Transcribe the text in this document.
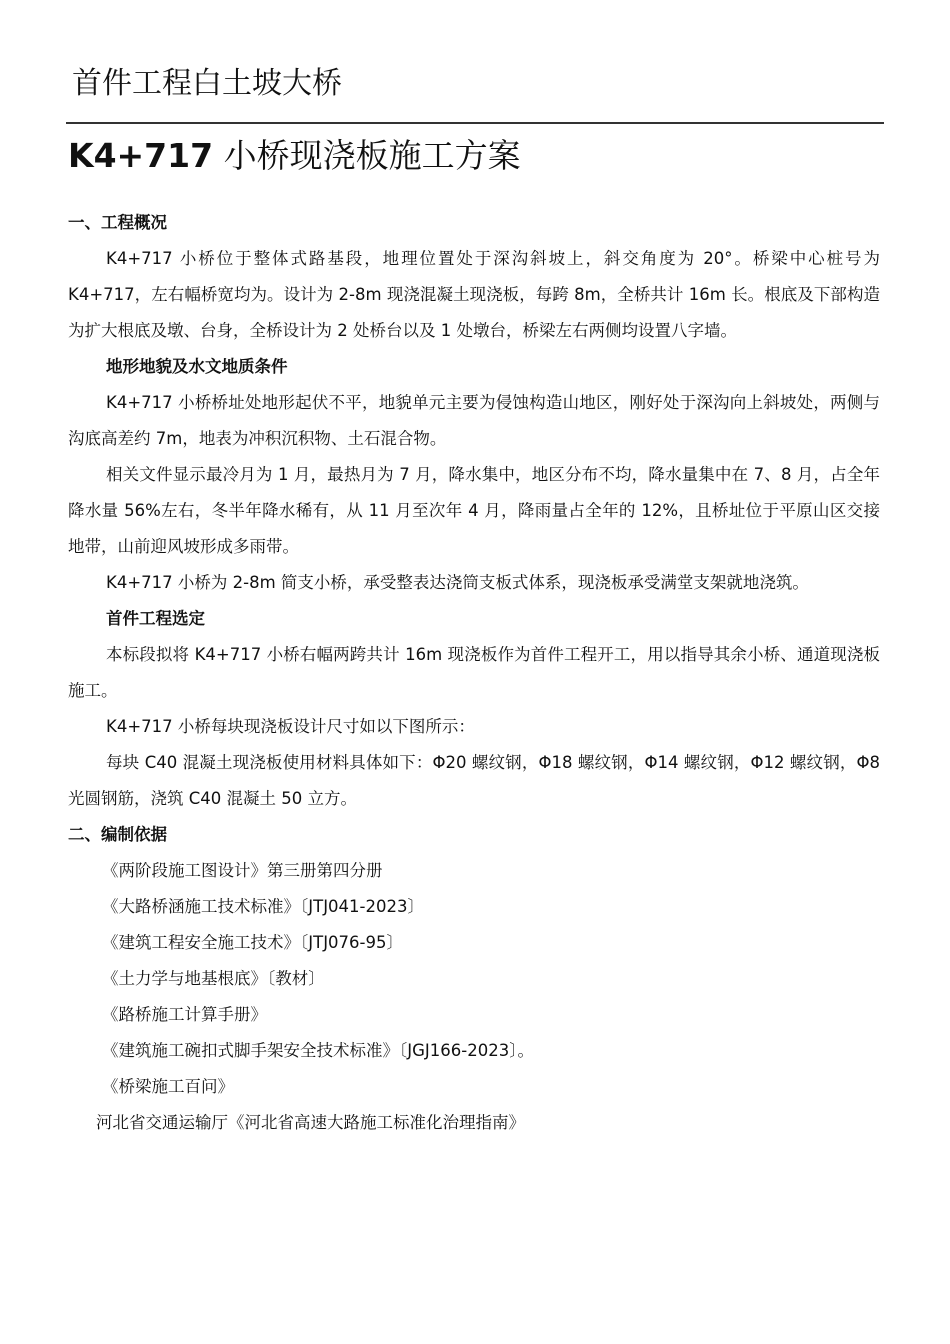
首件工程白土坡大桥
K4+717 小桥现浇板施工方案

一、工程概况

K4+717 小桥位于整体式路基段，地理位置处于深沟斜坡上，斜交角度为 20°。桥梁中心桩号为 K4+717，左右幅桥宽均为。设计为 2-8m 现浇混凝土现浇板，每跨 8m，全桥共计 16m 长。根底及下部构造为扩大根底及墩、台身，全桥设计为 2 处桥台以及 1 处墩台，桥梁左右两侧均设置八字墙。

地形地貌及水文地质条件

K4+717 小桥桥址处地形起伏不平，地貌单元主要为侵蚀构造山地区，刚好处于深沟向上斜坡处，两侧与沟底高差约 7m，地表为冲积沉积物、土石混合物。

相关文件显示最冷月为 1 月，最热月为 7 月，降水集中，地区分布不均，降水量集中在 7、8 月，占全年降水量 56%左右，冬半年降水稀有，从 11 月至次年 4 月，降雨量占全年的 12%，且桥址位于平原山区交接地带，山前迎风坡形成多雨带。

K4+717 小桥为 2-8m 简支小桥，承受整表达浇筒支板式体系，现浇板承受满堂支架就地浇筑。

首件工程选定

本标段拟将 K4+717 小桥右幅两跨共计 16m 现浇板作为首件工程开工，用以指导其余小桥、通道现浇板施工。

K4+717 小桥每块现浇板设计尺寸如以下图所示：

每块 C40 混凝土现浇板使用材料具体如下：Φ20 螺纹钢，Φ18 螺纹钢，Φ14 螺纹钢，Φ12 螺纹钢，Φ8 光圆钢筋，浇筑 C40 混凝土 50 立方。

二、编制依据

《两阶段施工图设计》第三册第四分册

《大路桥涵施工技术标准》〔JTJ041-2023〕

《建筑工程安全施工技术》〔JTJ076-95〕

《土力学与地基根底》〔教材〕

《路桥施工计算手册》

《建筑施工碗扣式脚手架安全技术标准》〔JGJ166-2023〕。

《桥梁施工百问》

河北省交通运输厅《河北省高速大路施工标准化治理指南》
